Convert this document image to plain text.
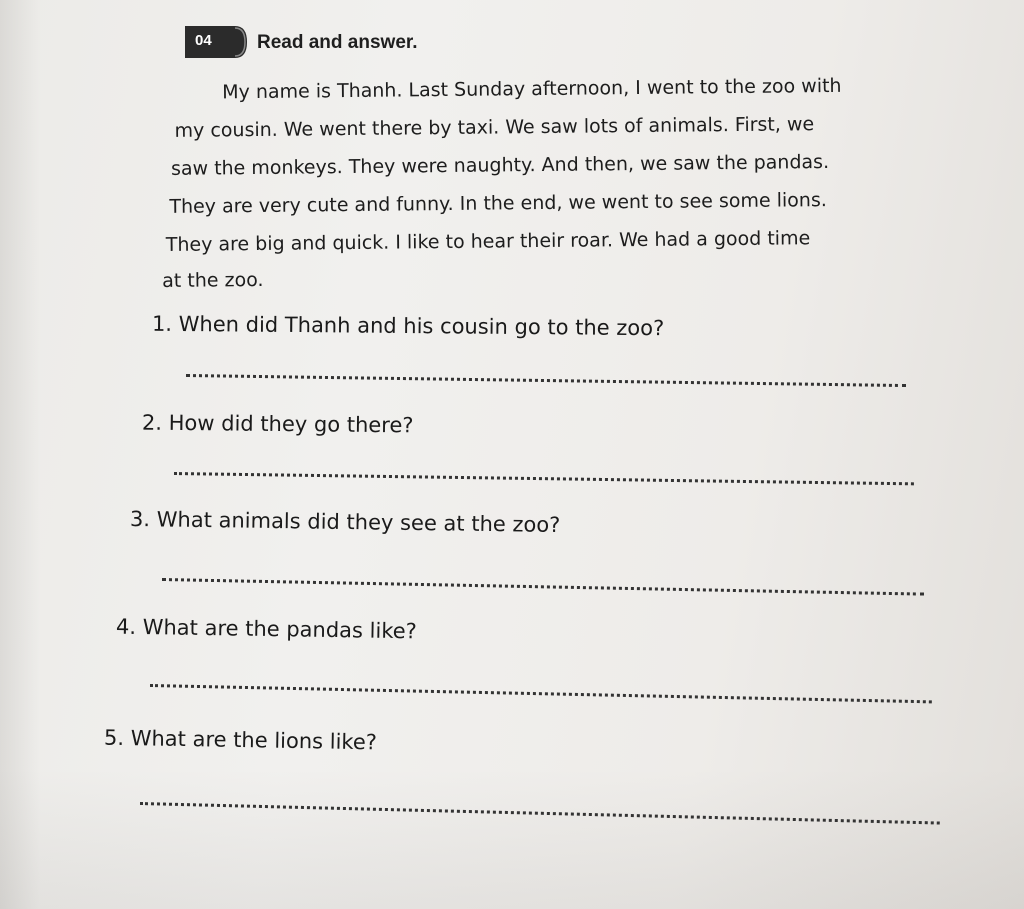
04 Read and answer.
My name is Thanh. Last Sunday afternoon, I went to the zoo with
my cousin. We went there by taxi. We saw lots of animals. First, we
saw the monkeys. They were naughty. And then, we saw the pandas.
They are very cute and funny. In the end, we went to see some lions.
They are big and quick. I like to hear their roar. We had a good time
at the zoo.
1. When did Thanh and his cousin go to the zoo?
2. How did they go there?
3. What animals did they see at the zoo?
4. What are the pandas like?
5. What are the lions like?
